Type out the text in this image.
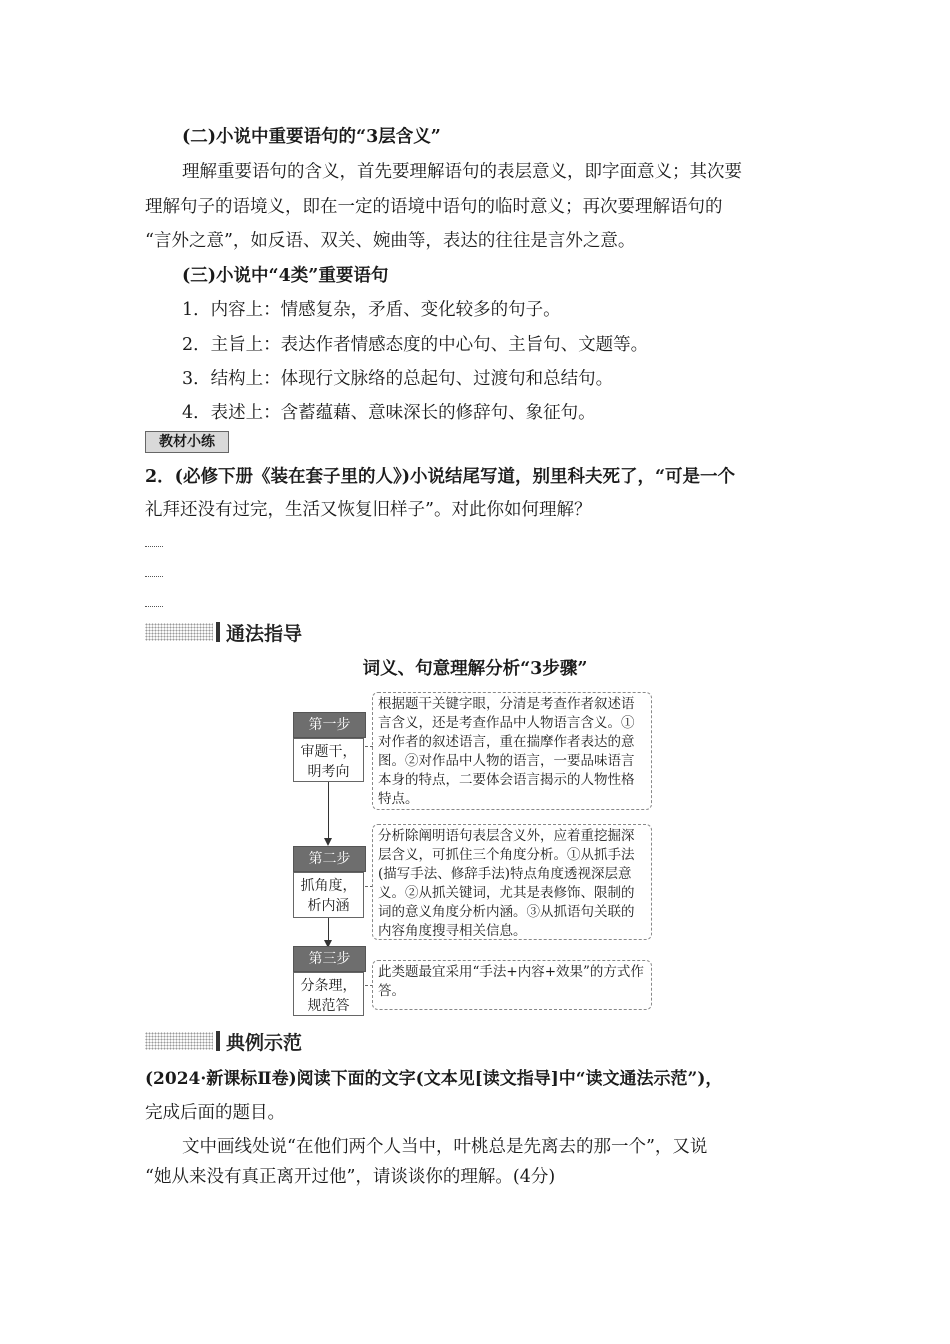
(二)小说中重要语句的“3层含义”
理解重要语句的含义，首先要理解语句的表层意义，即字面意义；其次要
理解句子的语境义，即在一定的语境中语句的临时意义；再次要理解语句的
“言外之意”，如反语、双关、婉曲等，表达的往往是言外之意。
(三)小说中“4类”重要语句
1．内容上：情感复杂，矛盾、变化较多的句子。
2．主旨上：表达作者情感态度的中心句、主旨句、文题等。
3．结构上：体现行文脉络的总起句、过渡句和总结句。
4．表述上：含蓄蕴藉、意味深长的修辞句、象征句。
教材小练
2．(必修下册《装在套子里的人》)小说结尾写道，别里科夫死了，“可是一个
礼拜还没有过完，生活又恢复旧样子”。对此你如何理解？
通法指导
词义、句意理解分析“3步骤”
第一步
审题干，明考向
根据题干关键字眼，分清是考查作者叙述语言含义，还是考查作品中人物语言含义。①对作者的叙述语言，重在揣摩作者表达的意图。②对作品中人物的语言，一要品味语言本身的特点，二要体会语言揭示的人物性格特点。
第二步
抓角度，析内涵
分析除阐明语句表层含义外，应着重挖掘深层含义，可抓住三个角度分析。①从抓手法(描写手法、修辞手法)特点角度透视深层意义。②从抓关键词，尤其是表修饰、限制的词的意义角度分析内涵。③从抓语句关联的内容角度搜寻相关信息。
第三步
分条理，规范答
此类题最宜采用“手法+内容+效果”的方式作答。
典例示范
(2024·新课标Ⅱ卷)阅读下面的文字(文本见[读文指导]中“读文通法示范”)，
完成后面的题目。
文中画线处说“在他们两个人当中，叶桃总是先离去的那一个”，又说
“她从来没有真正离开过他”，请谈谈你的理解。(4分)
